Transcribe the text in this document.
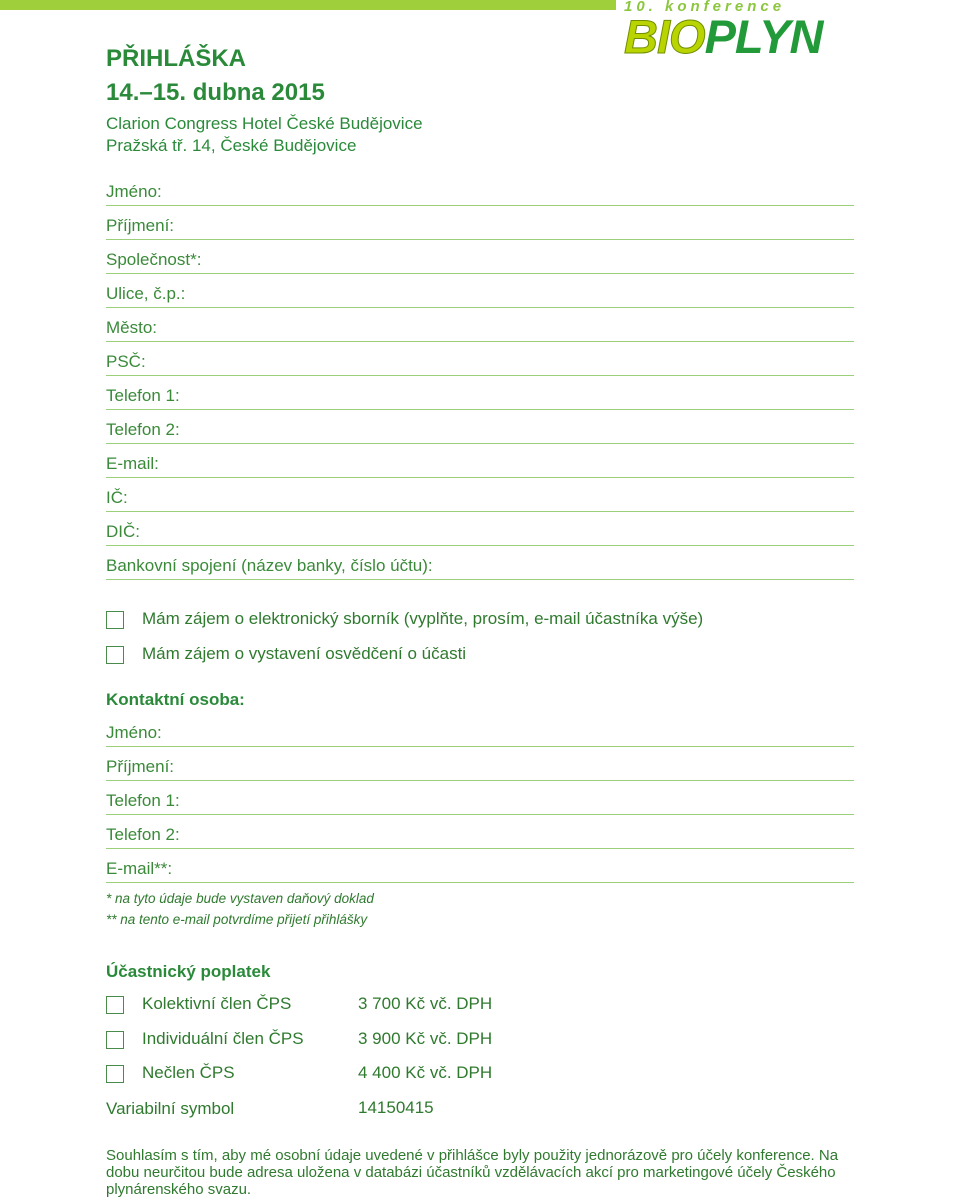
10. konference
BIOPLYN
PŘIHLÁŠKA
14.–15. dubna 2015
Clarion Congress Hotel České Budějovice
Pražská tř. 14, České Budějovice
Jméno:
Příjmení:
Společnost*:
Ulice, č.p.:
Město:
PSČ:
Telefon 1:
Telefon 2:
E-mail:
IČ:
DIČ:
Bankovní spojení (název banky, číslo účtu):
Mám zájem o elektronický sborník (vyplňte, prosím, e-mail účastníka výše)
Mám zájem o vystavení osvědčení o účasti
Kontaktní osoba:
Jméno:
Příjmení:
Telefon 1:
Telefon 2:
E-mail**:
* na tyto údaje bude vystaven daňový doklad
** na tento e-mail potvrdíme přijetí přihlášky
Účastnický poplatek
Kolektivní člen ČPS	3 700 Kč vč. DPH
Individuální člen ČPS	3 900 Kč vč. DPH
Nečlen ČPS	4 400 Kč vč. DPH
Variabilní symbol	14150415
Souhlasím s tím, aby mé osobní údaje uvedené v přihlášce byly použity jednorázově pro účely konference. Na dobu neurčitou bude adresa uložena v databázi účastníků vzdělávacích akcí pro marketingové účely Českého plynárenského svazu.
